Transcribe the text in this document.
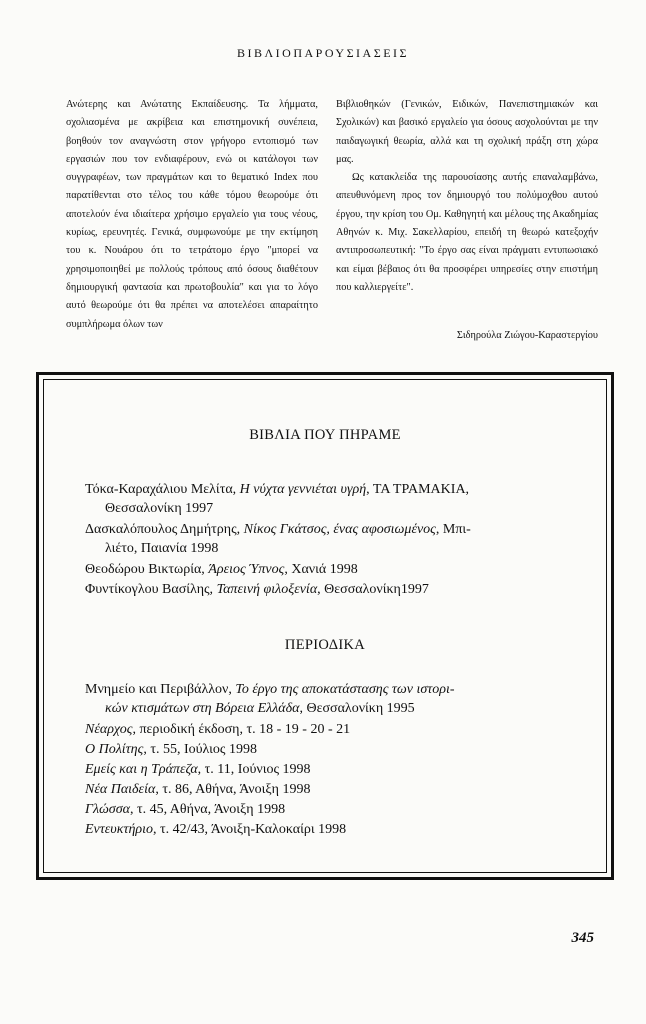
ΒΙΒΛΙΟΠΑΡΟΥΣΙΑΣΕΙΣ

Ανώτερης και Ανώτατης Εκπαίδευσης. Τα λήμματα, σχολιασμένα με ακρίβεια και επιστημονική συνέπεια, βοηθούν τον αναγνώστη στον γρήγορο εντοπισμό των εργασιών που τον ενδιαφέρουν, ενώ οι κατάλογοι των συγγραφέων, των πραγμάτων και το θεματικό Index που παρατίθενται στο τέλος του κάθε τόμου θεωρούμε ότι αποτελούν ένα ιδιαίτερα χρήσιμο εργαλείο για τους νέους, κυρίως, ερευνητές. Γενικά, συμφωνούμε με την εκτίμηση του κ. Νουάρου ότι το τετράτομο έργο "μπορεί να χρησιμοποιηθεί με πολλούς τρόπους από όσους διαθέτουν δημιουργική φαντασία και πρωτοβουλία" και για το λόγο αυτό θεωρούμε ότι θα πρέπει να αποτελέσει απαραίτητο συμπλήρωμα όλων των

Βιβλιοθηκών (Γενικών, Ειδικών, Πανεπιστημιακών και Σχολικών) και βασικό εργαλείο για όσους ασχολούνται με την παιδαγωγική θεωρία, αλλά και τη σχολική πράξη στη χώρα μας.

Ως κατακλείδα της παρουσίασης αυτής επαναλαμβάνω, απευθυνόμενη προς τον δημιουργό του πολύμοχθου αυτού έργου, την κρίση του Ομ. Καθηγητή και μέλους της Ακαδημίας Αθηνών κ. Μιχ. Σακελλαρίου, επειδή τη θεωρώ κατεξοχήν αντιπροσωπευτική: "Το έργο σας είναι πράγματι εντυπωσιακό και είμαι βέβαιος ότι θα προσφέρει υπηρεσίες στην επιστήμη που καλλιεργείτε".

Σιδηρούλα Ζιώγου-Καραστεργίου
ΒΙΒΛΙΑ ΠΟΥ ΠΗΡΑΜΕ
Τόκα-Καραχάλιου Μελίτα, Η νύχτα γεννιέται υγρή, ΤΑ ΤΡΑΜΑΚΙΑ,
Θεσσαλονίκη 1997
Δασκαλόπουλος Δημήτρης, Νίκος Γκάτσος, ένας αφοσιωμένος, Μπι-
λιέτο, Παιανία 1998
Θεοδώρου Βικτωρία, Άρειος Ύπνος, Χανιά 1998
Φυντίκογλου Βασίλης, Ταπεινή φιλοξενία, Θεσσαλονίκη1997
ΠΕΡΙΟΔΙΚΑ
Μνημείο και Περιβάλλον, Το έργο της αποκατάστασης των ιστορι-
κών κτισμάτων στη Βόρεια Ελλάδα, Θεσσαλονίκη 1995
Νέαρχος, περιοδική έκδοση, τ. 18 - 19 - 20 - 21
Ο Πολίτης, τ. 55, Ιούλιος 1998
Εμείς και η Τράπεζα, τ. 11, Ιούνιος 1998
Νέα Παιδεία, τ. 86, Αθήνα, Άνοιξη 1998
Γλώσσα, τ. 45, Αθήνα, Άνοιξη 1998
Εντευκτήριο, τ. 42/43, Άνοιξη-Καλοκαίρι 1998
345
